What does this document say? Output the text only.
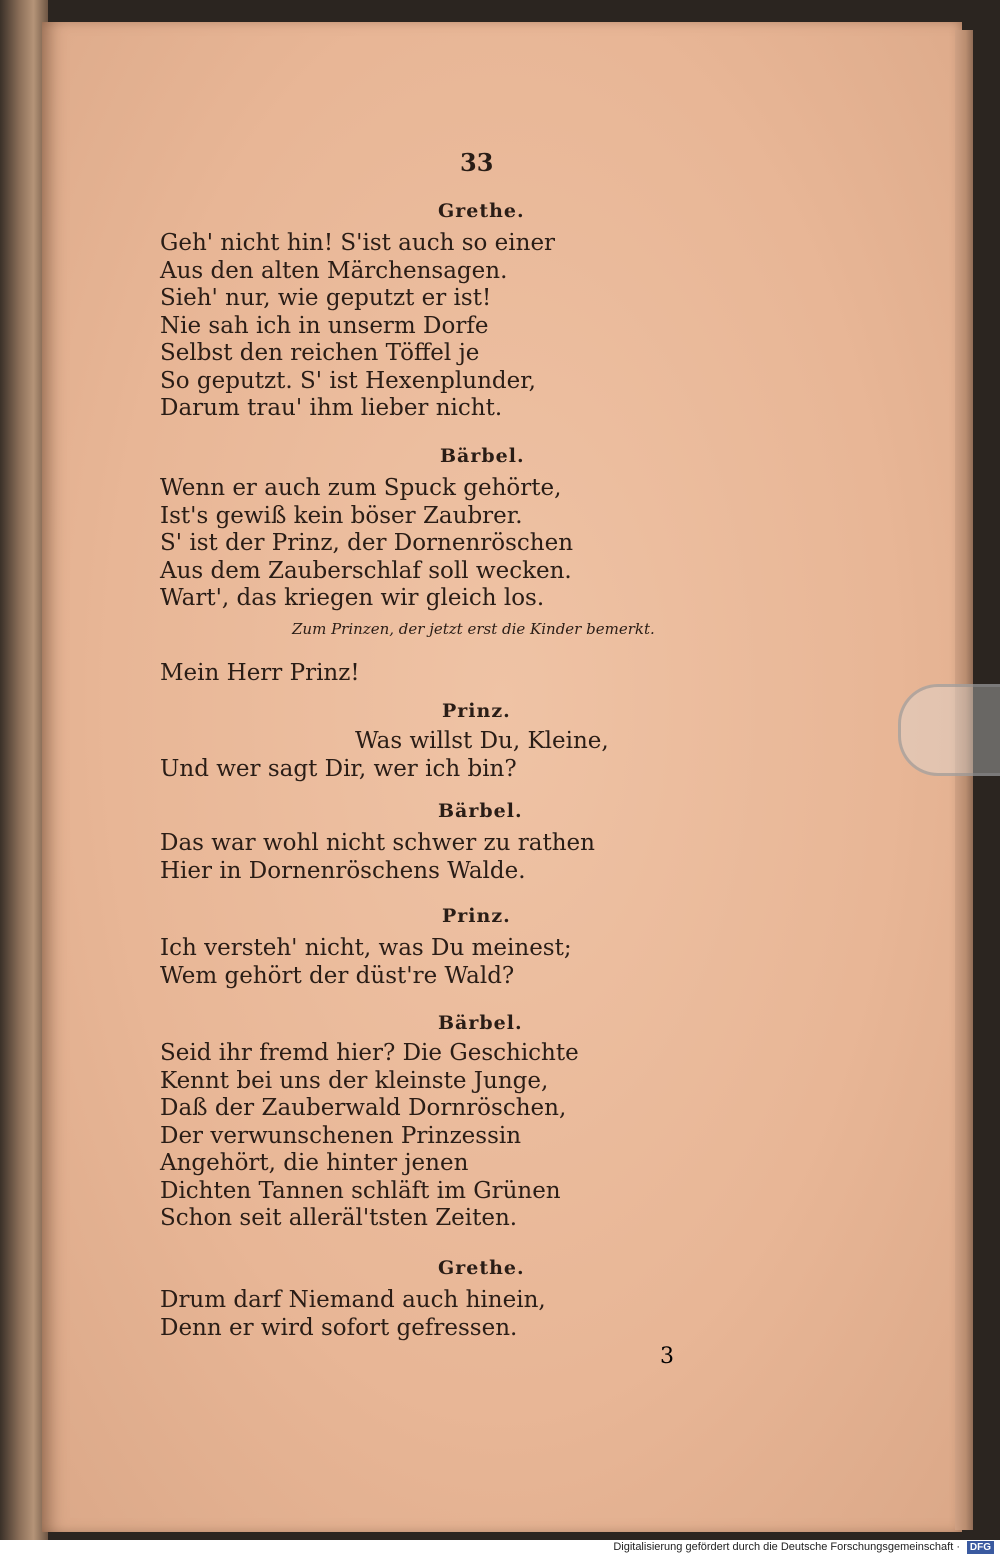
33
Grethe.
Geh' nicht hin! S'ist auch so einer
Aus den alten Märchensagen.
Sieh' nur, wie geputzt er ist!
Nie sah ich in unserm Dorfe
Selbst den reichen Töffel je
So geputzt. S' ist Hexenplunder,
Darum trau' ihm lieber nicht.
Bärbel.
Wenn er auch zum Spuck gehörte,
Ist's gewiß kein böser Zaubrer.
S' ist der Prinz, der Dornenröschen
Aus dem Zauberschlaf soll wecken.
Wart', das kriegen wir gleich los.
Zum Prinzen, der jetzt erst die Kinder bemerkt.
Mein Herr Prinz!
Prinz.
Was willst Du, Kleine,
Und wer sagt Dir, wer ich bin?
Bärbel.
Das war wohl nicht schwer zu rathen
Hier in Dornenröschens Walde.
Prinz.
Ich versteh' nicht, was Du meinest;
Wem gehört der düst're Wald?
Bärbel.
Seid ihr fremd hier? Die Geschichte
Kennt bei uns der kleinste Junge,
Daß der Zauberwald Dornröschen,
Der verwunschenen Prinzessin
Angehört, die hinter jenen
Dichten Tannen schläft im Grünen
Schon seit alleräl'tsten Zeiten.
Grethe.
Drum darf Niemand auch hinein,
Denn er wird sofort gefressen.
3
Digitalisierung gefördert durch die Deutsche Forschungsgemeinschaft · DFG
